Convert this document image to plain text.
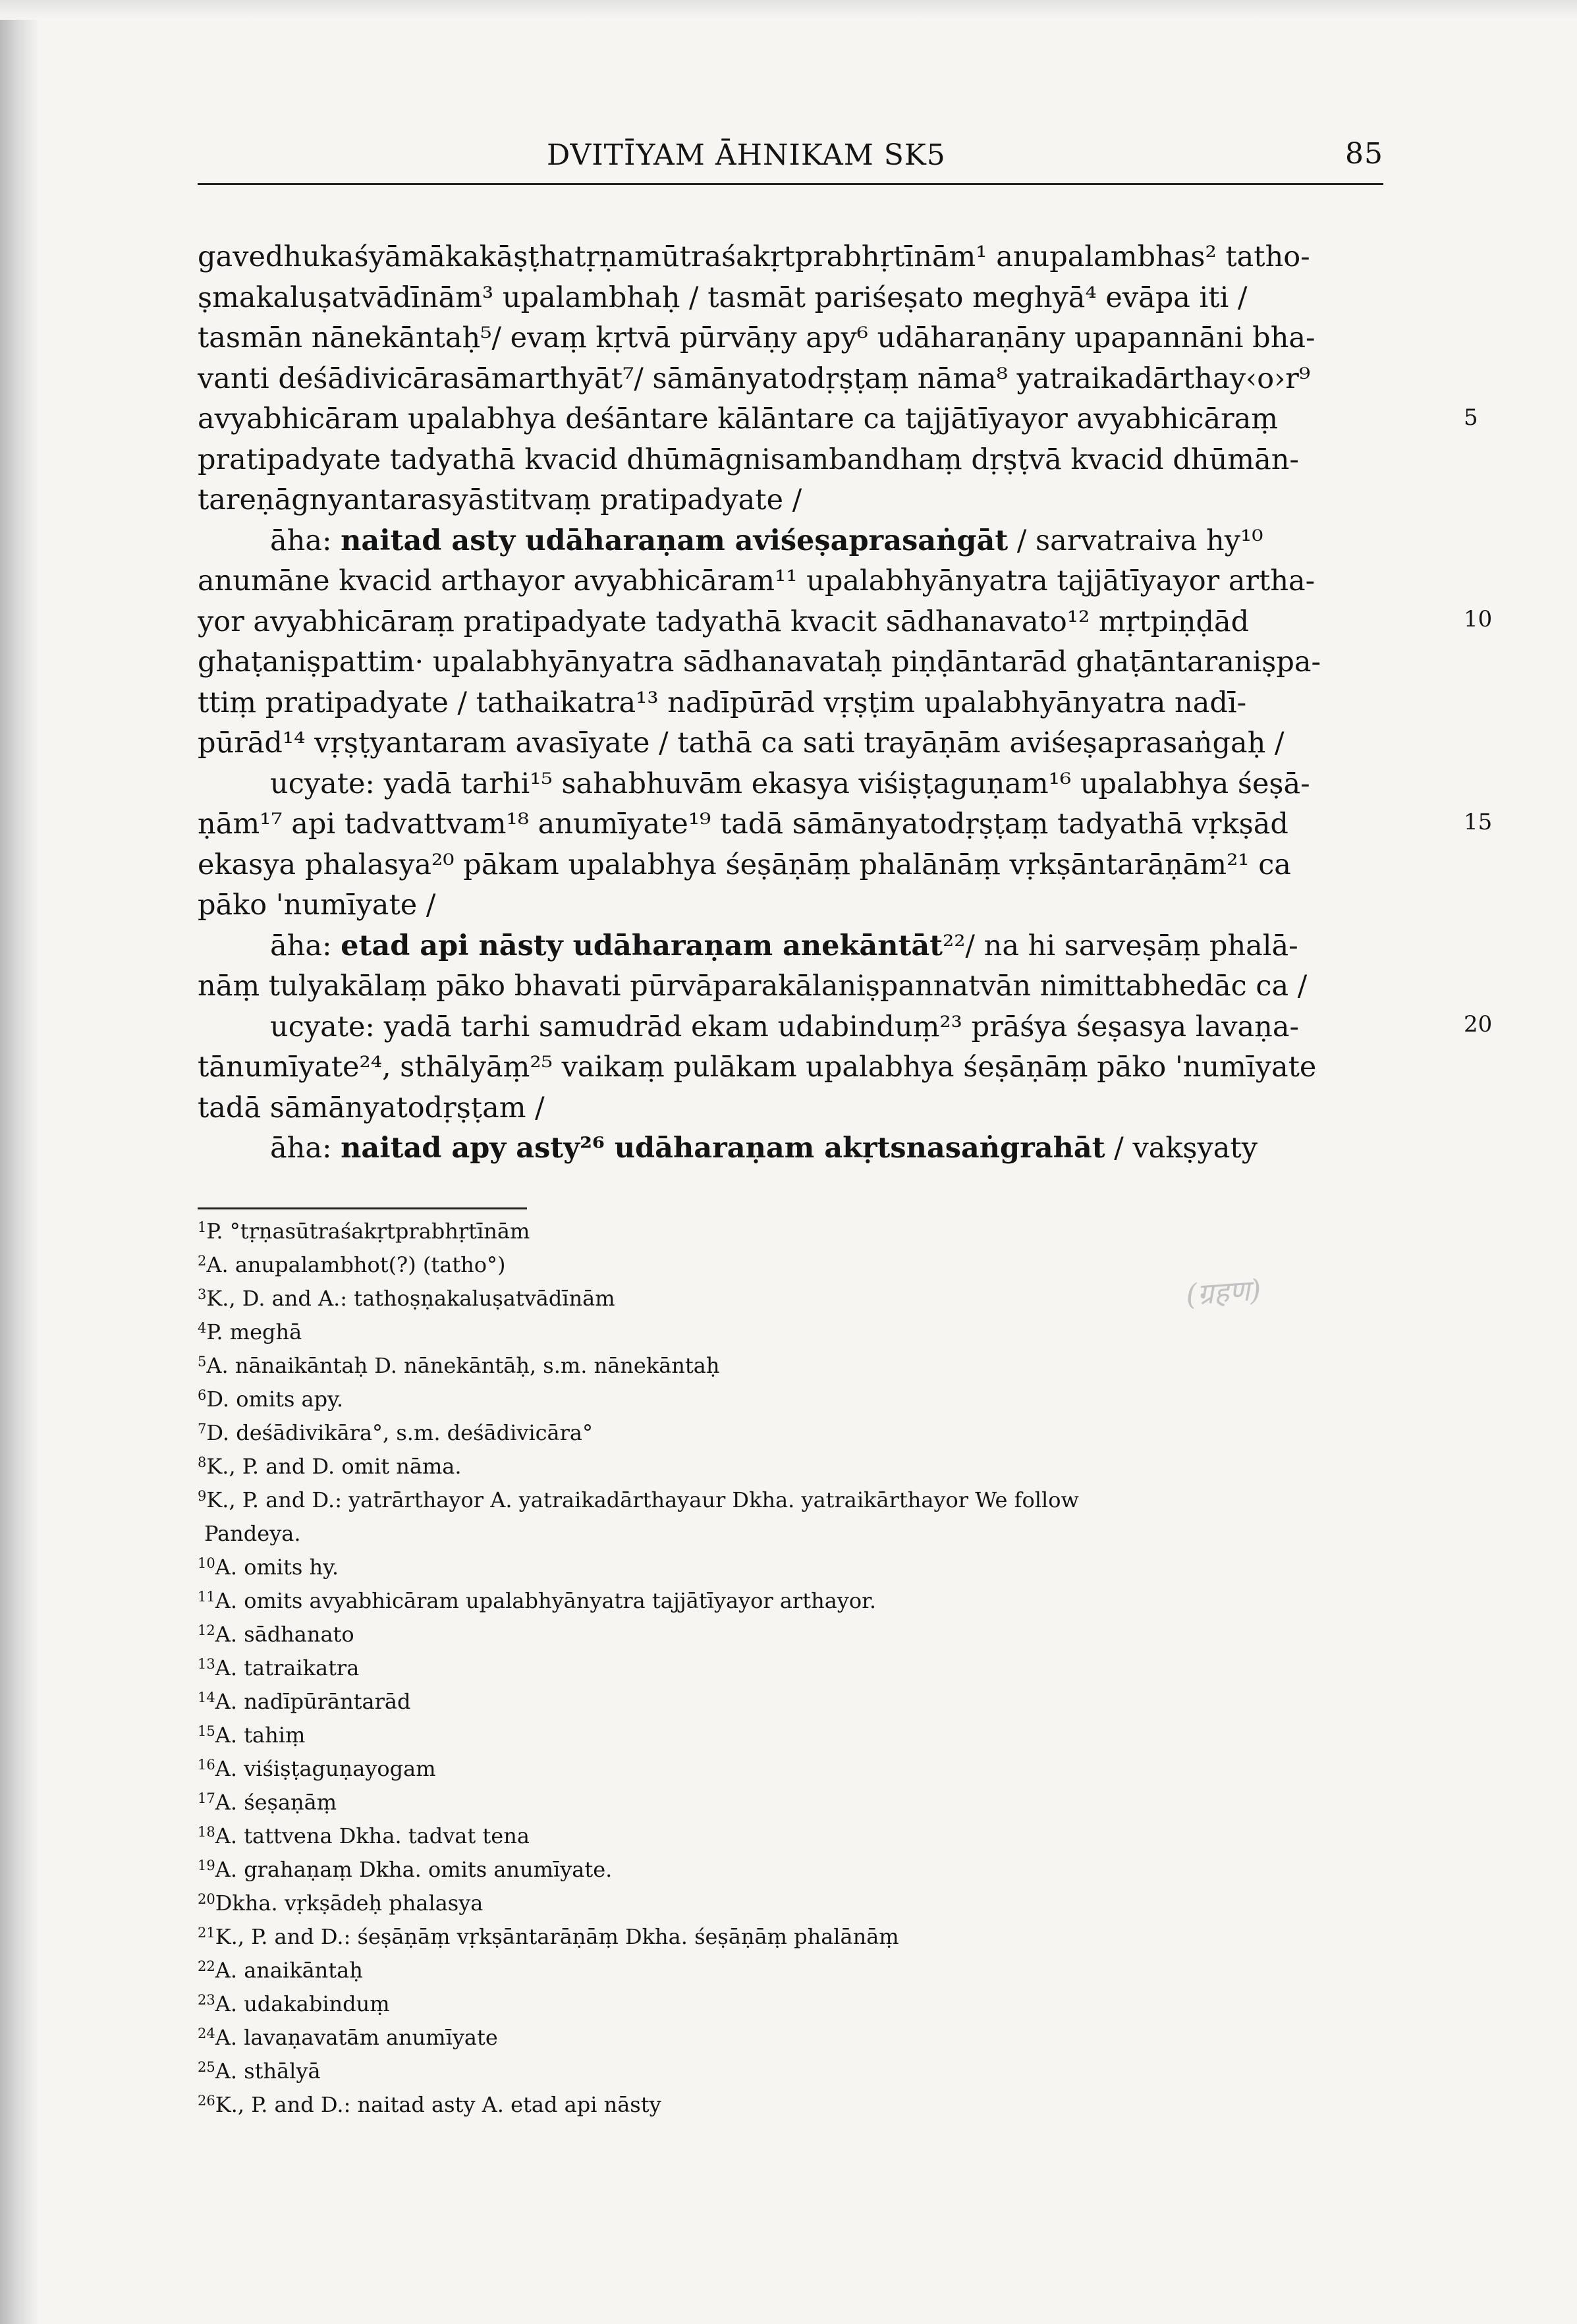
DVITĪYAM ĀHNIKAM SK5	85
gavedhukaśyāmākakāṣṭhatṛṇamūtraśakṛtprabhṛtīnām¹ anupalambhas² tatho-
ṣmakaluṣatvādīnām³ upalambhaḥ / tasmāt pariśeṣato meghyā⁴ evāpa iti /
tasmān nānekāntaḥ⁵/ evaṃ kṛtvā pūrvāṇy apy⁶ udāharaṇāny upapannāni bha-
vanti deśādivicārasāmarthyāt⁷/ sāmānyatodṛṣṭaṃ nāma⁸ yatraikadārthay‹o›r⁹
avyabhicāram upalabhya deśāntare kālāntare ca tajjātīyayor avyabhicāraṃ
pratipadyate tadyathā kvacid dhūmāgnisambandhaṃ dṛṣṭvā kvacid dhūmān-
tareṇāgnyantarasyāstitvaṃ pratipadyate /
āha: naitad asty udāharaṇam aviśeṣaprasaṅgāt / sarvatraiva hy¹⁰
anumāne kvacid arthayor avyabhicāram¹¹ upalabhyānyatra tajjātīyayor artha-
yor avyabhicāraṃ pratipadyate tadyathā kvacit sādhanavato¹² mṛtpiṇḍād
ghaṭaniṣpattim· upalabhyānyatra sādhanavataḥ piṇḍāntarād ghaṭāntaraniṣpa-
ttiṃ pratipadyate / tathaikatra¹³ nadīpūrād vṛṣṭim upalabhyānyatra nadī-
pūrād¹⁴ vṛṣṭyantaram avasīyate / tathā ca sati trayāṇām aviśeṣaprasaṅgaḥ /
ucyate: yadā tarhi¹⁵ sahabhuvām ekasya viśiṣṭaguṇam¹⁶ upalabhya śeṣā-
ṇām¹⁷ api tadvattvam¹⁸ anumīyate¹⁹ tadā sāmānyatodṛṣṭaṃ tadyathā vṛkṣād
ekasya phalasya²⁰ pākam upalabhya śeṣāṇāṃ phalānāṃ vṛkṣāntarāṇām²¹ ca
pāko 'numīyate /
āha: etad api nāsty udāharaṇam anekāntāt²²/ na hi sarveṣāṃ phalā-
nāṃ tulyakālaṃ pāko bhavati pūrvāparakālaniṣpannatvān nimittabhedāc ca /
ucyate: yadā tarhi samudrād ekam udabinduṃ²³ prāśya śeṣasya lavaṇa-
tānumīyate²⁴, sthālyāṃ²⁵ vaikaṃ pulākam upalabhya śeṣāṇāṃ pāko 'numīyate
tadā sāmānyatodṛṣṭam /
āha: naitad apy asty²⁶ udāharaṇam akṛtsnasaṅgrahāt / vakṣyaty
5
10
15
20
$^1$P. °tṛṇasūtraśakṛtprabhṛtīnām
$^2$A. anupalambhot(?) (tatho°)
$^3$K., D. and A.: tathoṣṇakaluṣatvādīnām
$^4$P. meghā
$^5$A. nānaikāntaḥ D. nānekāntāḥ, s.m. nānekāntaḥ
$^6$D. omits apy.
$^7$D. deśādivikāra°, s.m. deśādivicāra°
$^8$K., P. and D. omit nāma.
$^9$K., P. and D.: yatrārthayor A. yatraikadārthayaur Dkha. yatraikārthayor We follow
Pandeya.
$^{10}$A. omits hy.
$^{11}$A. omits avyabhicāram upalabhyānyatra tajjātīyayor arthayor.
$^{12}$A. sādhanato
$^{13}$A. tatraikatra
$^{14}$A. nadīpūrāntarād
$^{15}$A. tahiṃ
$^{16}$A. viśiṣṭaguṇayogam
$^{17}$A. śeṣaṇāṃ
$^{18}$A. tattvena Dkha. tadvat tena
$^{19}$A. grahaṇaṃ Dkha. omits anumīyate.
$^{20}$Dkha. vṛkṣādeḥ phalasya
$^{21}$K., P. and D.: śeṣāṇāṃ vṛkṣāntarāṇāṃ Dkha. śeṣāṇāṃ phalānāṃ
$^{22}$A. anaikāntaḥ
$^{23}$A. udakabinduṃ
$^{24}$A. lavaṇavatām anumīyate
$^{25}$A. sthālyā
$^{26}$K., P. and D.: naitad asty A. etad api nāsty
(ग्रहण)
